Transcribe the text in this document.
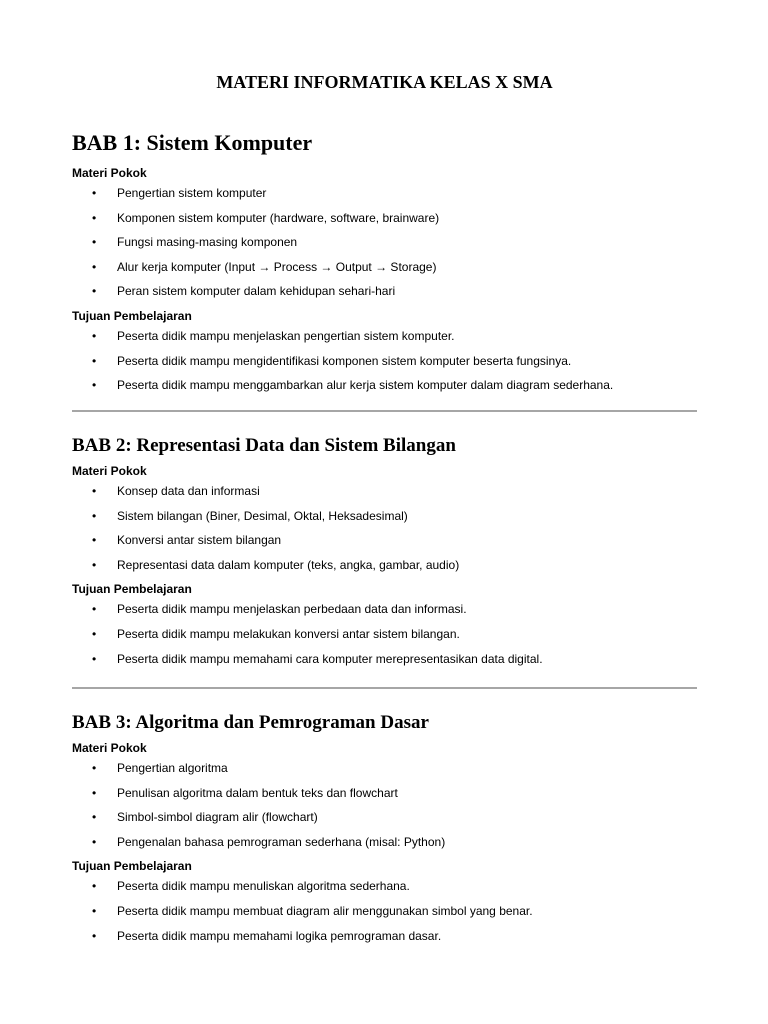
MATERI INFORMATIKA KELAS X SMA
BAB 1: Sistem Komputer
Materi Pokok
• Pengertian sistem komputer
• Komponen sistem komputer (hardware, software, brainware)
• Fungsi masing-masing komponen
• Alur kerja komputer (Input → Process → Output → Storage)
• Peran sistem komputer dalam kehidupan sehari-hari
Tujuan Pembelajaran
• Peserta didik mampu menjelaskan pengertian sistem komputer.
• Peserta didik mampu mengidentifikasi komponen sistem komputer beserta fungsinya.
• Peserta didik mampu menggambarkan alur kerja sistem komputer dalam diagram sederhana.
BAB 2: Representasi Data dan Sistem Bilangan
Materi Pokok
• Konsep data dan informasi
• Sistem bilangan (Biner, Desimal, Oktal, Heksadesimal)
• Konversi antar sistem bilangan
• Representasi data dalam komputer (teks, angka, gambar, audio)
Tujuan Pembelajaran
• Peserta didik mampu menjelaskan perbedaan data dan informasi.
• Peserta didik mampu melakukan konversi antar sistem bilangan.
• Peserta didik mampu memahami cara komputer merepresentasikan data digital.
BAB 3: Algoritma dan Pemrograman Dasar
Materi Pokok
• Pengertian algoritma
• Penulisan algoritma dalam bentuk teks dan flowchart
• Simbol-simbol diagram alir (flowchart)
• Pengenalan bahasa pemrograman sederhana (misal: Python)
Tujuan Pembelajaran
• Peserta didik mampu menuliskan algoritma sederhana.
• Peserta didik mampu membuat diagram alir menggunakan simbol yang benar.
• Peserta didik mampu memahami logika pemrograman dasar.
